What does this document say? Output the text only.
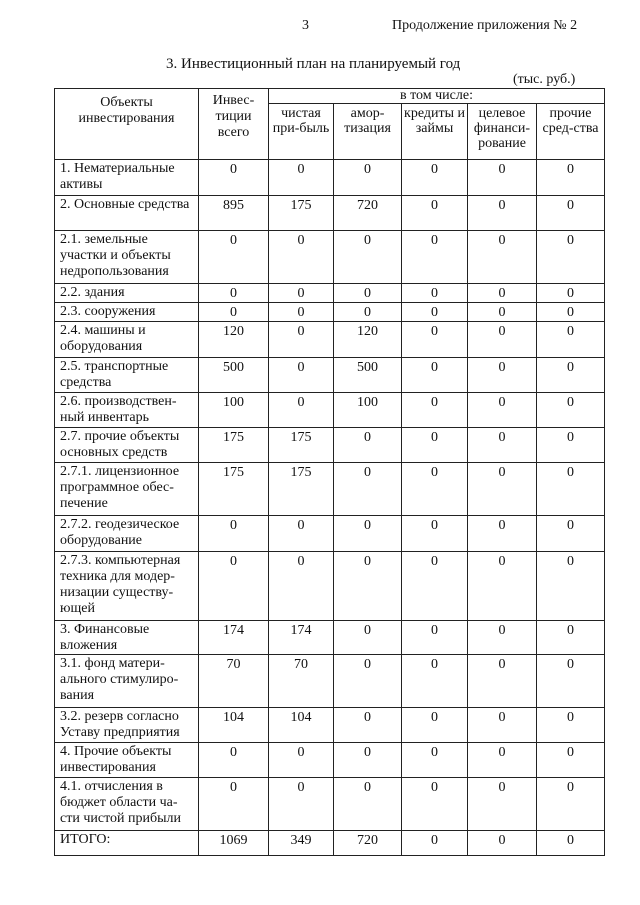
3	Продолжение приложения № 2
3. Инвестиционный план на планируемый год
(тыс. руб.)
Объекты инвестирования	Инвес-тиции всего	в том числе:				
		чистая при-быль	амор-тизация	кредиты и займы	целевое финанси-рование	прочие сред-ства
1. Нематериальные активы	0	0	0	0	0	0
2. Основные средства	895	175	720	0	0	0
2.1. земельные участки и объекты недропользования	0	0	0	0	0	0
2.2. здания	0	0	0	0	0	0
2.3. сооружения	0	0	0	0	0	0
2.4. машины и оборудования	120	0	120	0	0	0
2.5. транспортные средства	500	0	500	0	0	0
2.6. производствен-ный инвентарь	100	0	100	0	0	0
2.7. прочие объекты основных средств	175	175	0	0	0	0
2.7.1. лицензионное программное обес-печение	175	175	0	0	0	0
2.7.2. геодезическое оборудование	0	0	0	0	0	0
2.7.3. компьютерная техника для модер-низации существу-ющей	0	0	0	0	0	0
3. Финансовые вложения	174	174	0	0	0	0
3.1. фонд матери-ального стимулиро-вания	70	70	0	0	0	0
3.2. резерв согласно Уставу предприятия	104	104	0	0	0	0
4. Прочие объекты инвестирования	0	0	0	0	0	0
4.1. отчисления в бюджет области ча-сти чистой прибыли	0	0	0	0	0	0
ИТОГО:	1069	349	720	0	0	0
